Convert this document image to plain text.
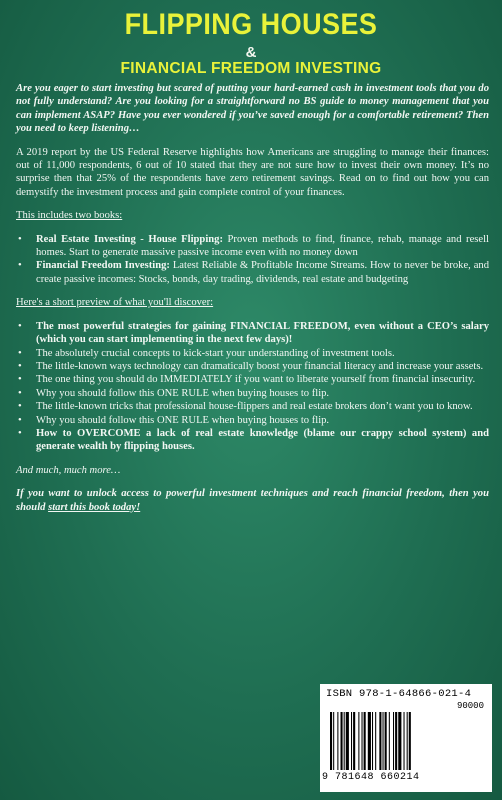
FLIPPING HOUSES
&
FINANCIAL FREEDOM INVESTING

Are you eager to start investing but scared of putting your hard-earned cash in investment tools that you do not fully understand? Are you looking for a straightforward no BS guide to money management that you can implement ASAP? Have you ever wondered if you’ve saved enough for a comfortable retirement? Then you need to keep listening…

A 2019 report by the US Federal Reserve highlights how Americans are struggling to manage their finances: out of 11,000 respondents, 6 out of 10 stated that they are not sure how to invest their own money. It’s no surprise then that 25% of the respondents have zero retirement savings. Read on to find out how you can demystify the investment process and gain complete control of your finances.

This includes two books:

• Real Estate Investing - House Flipping: Proven methods to find, finance, rehab, manage and resell homes. Start to generate massive passive income even with no money down
• Financial Freedom Investing: Latest Reliable & Profitable Income Streams. How to never be broke, and create passive incomes: Stocks, bonds, day trading, dividends, real estate and budgeting

Here's a short preview of what you'll discover:

• The most powerful strategies for gaining FINANCIAL FREEDOM, even without a CEO’s salary (which you can start implementing in the next few days)!
• The absolutely crucial concepts to kick-start your understanding of investment tools.
• The little-known ways technology can dramatically boost your financial literacy and increase your assets.
• The one thing you should do IMMEDIATELY if you want to liberate yourself from financial insecurity.
• Why you should follow this ONE RULE when buying houses to flip.
• The little-known tricks that professional house-flippers and real estate brokers don’t want you to know.
• Why you should follow this ONE RULE when buying houses to flip.
• How to OVERCOME a lack of real estate knowledge (blame our crappy school system) and generate wealth by flipping houses.

And much, much more…

If you want to unlock access to powerful investment techniques and reach financial freedom, then you should start this book today!

ISBN 978-1-64866-021-4
90000
9 781648 660214
